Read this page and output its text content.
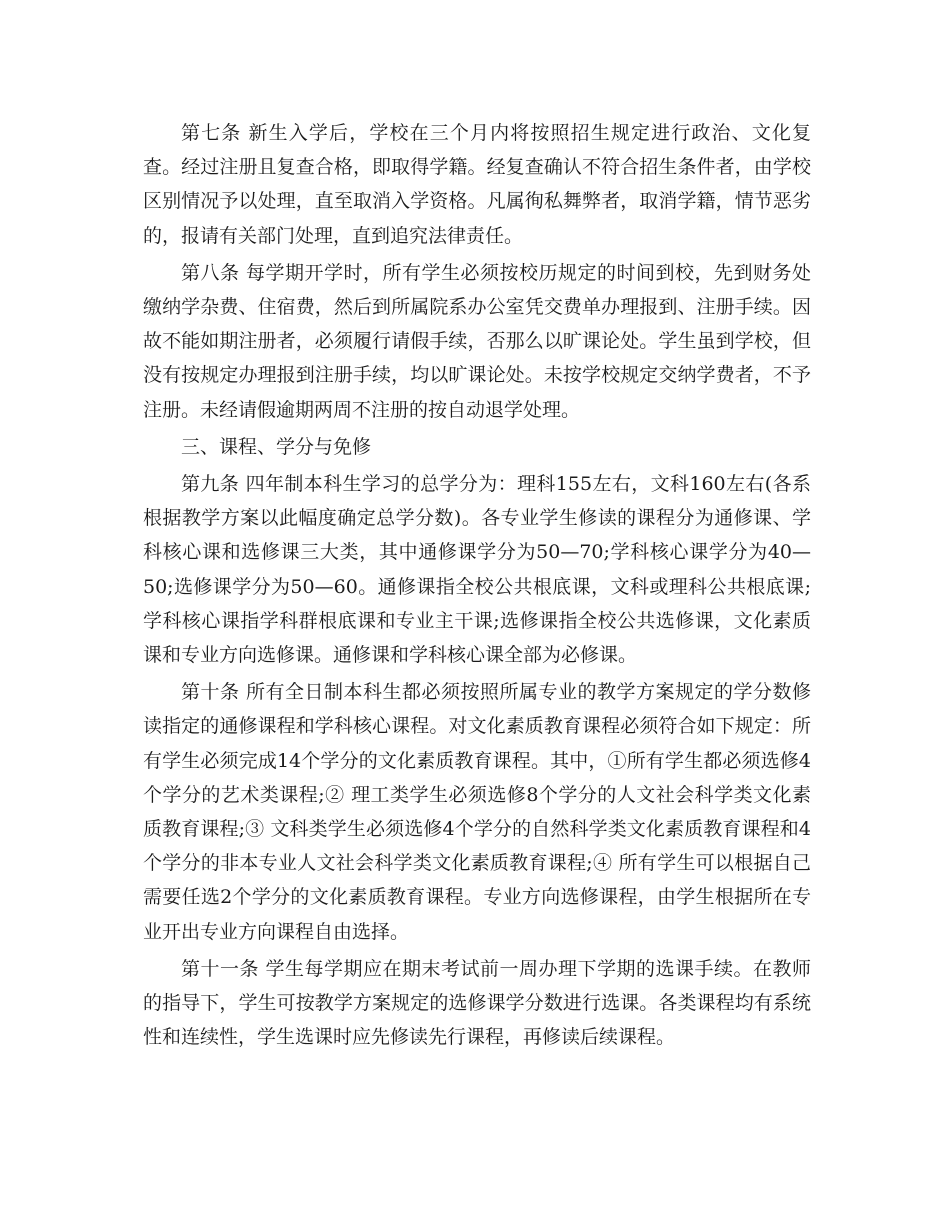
第七条 新生入学后，学校在三个月内将按照招生规定进行政治、文化复查。经过注册且复查合格，即取得学籍。经复查确认不符合招生条件者，由学校区别情况予以处理，直至取消入学资格。凡属徇私舞弊者，取消学籍，情节恶劣的，报请有关部门处理，直到追究法律责任。

第八条 每学期开学时，所有学生必须按校历规定的时间到校，先到财务处缴纳学杂费、住宿费，然后到所属院系办公室凭交费单办理报到、注册手续。因故不能如期注册者，必须履行请假手续，否那么以旷课论处。学生虽到学校，但没有按规定办理报到注册手续，均以旷课论处。未按学校规定交纳学费者，不予注册。未经请假逾期两周不注册的按自动退学处理。

三、课程、学分与免修

第九条 四年制本科生学习的总学分为：理科155左右，文科160左右(各系根据教学方案以此幅度确定总学分数)。各专业学生修读的课程分为通修课、学科核心课和选修课三大类，其中通修课学分为50—70;学科核心课学分为40—50;选修课学分为50—60。通修课指全校公共根底课，文科或理科公共根底课;学科核心课指学科群根底课和专业主干课;选修课指全校公共选修课，文化素质课和专业方向选修课。通修课和学科核心课全部为必修课。

第十条 所有全日制本科生都必须按照所属专业的教学方案规定的学分数修读指定的通修课程和学科核心课程。对文化素质教育课程必须符合如下规定：所有学生必须完成14个学分的文化素质教育课程。其中，①所有学生都必须选修4个学分的艺术类课程;② 理工类学生必须选修8个学分的人文社会科学类文化素质教育课程;③ 文科类学生必须选修4个学分的自然科学类文化素质教育课程和4个学分的非本专业人文社会科学类文化素质教育课程;④ 所有学生可以根据自己需要任选2个学分的文化素质教育课程。专业方向选修课程，由学生根据所在专业开出专业方向课程自由选择。

第十一条 学生每学期应在期末考试前一周办理下学期的选课手续。在教师的指导下，学生可按教学方案规定的选修课学分数进行选课。各类课程均有系统性和连续性，学生选课时应先修读先行课程，再修读后续课程。
